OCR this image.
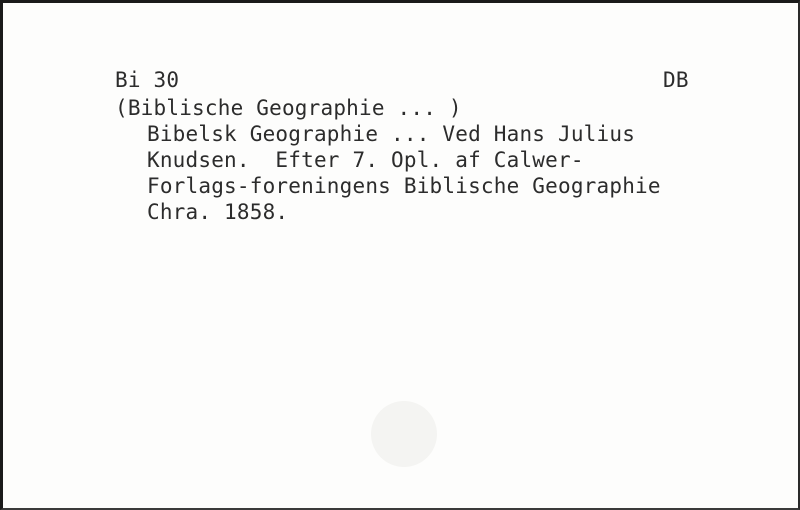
Bi 30	DB
(Biblische Geographie ... )
Bibelsk Geographie ... Ved Hans Julius
Knudsen.  Efter 7. Opl. af Calwer-
Forlags-foreningens Biblische Geographie
Chra. 1858.
